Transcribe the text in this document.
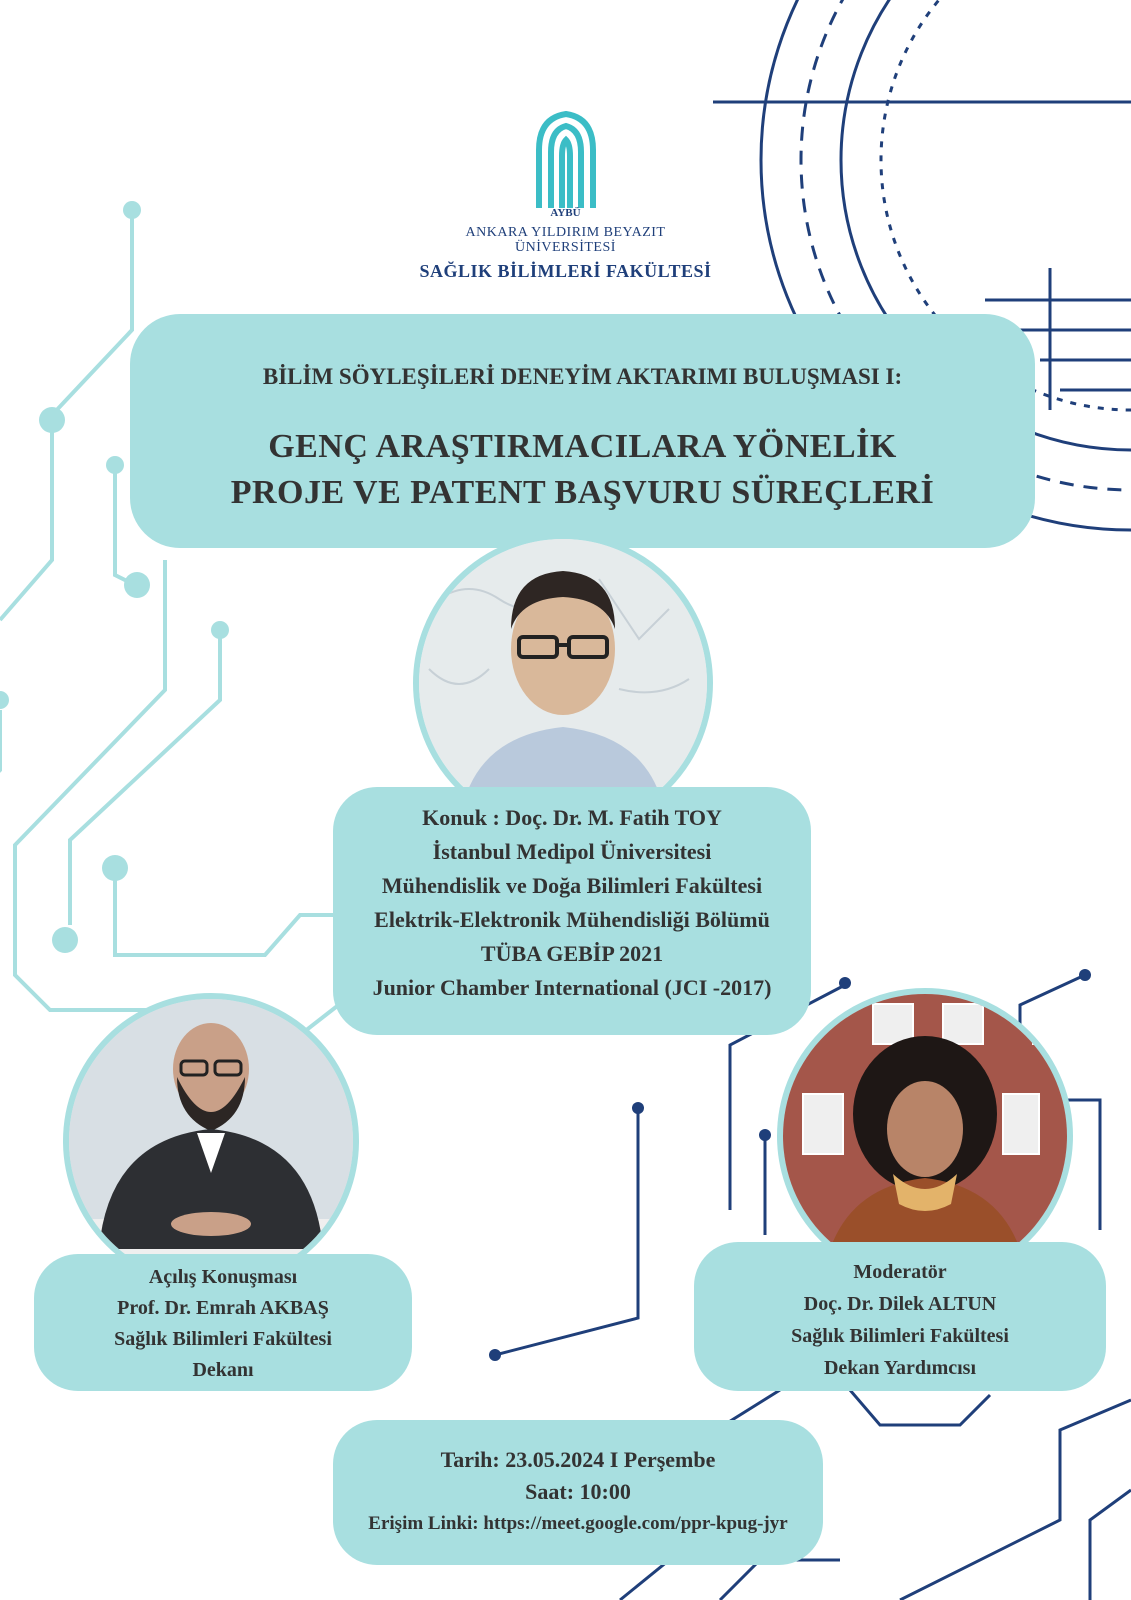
AYBÜ
ANKARA YILDIRIM BEYAZIT
ÜNİVERSİTESİ
SAĞLIK BİLİMLERİ FAKÜLTESİ
BİLİM SÖYLEŞİLERİ DENEYİM AKTARIMI BULUŞMASI I:
GENÇ ARAŞTIRMACILARA YÖNELİK
PROJE VE PATENT BAŞVURU SÜREÇLERİ
Konuk : Doç. Dr. M. Fatih TOY
İstanbul Medipol Üniversitesi
Mühendislik ve Doğa Bilimleri Fakültesi
Elektrik-Elektronik Mühendisliği Bölümü
TÜBA GEBİP 2021
Junior Chamber International (JCI -2017)
Açılış Konuşması
Prof. Dr. Emrah AKBAŞ
Sağlık Bilimleri Fakültesi
Dekanı
Moderatör
Doç. Dr. Dilek ALTUN
Sağlık Bilimleri Fakültesi
Dekan Yardımcısı
Tarih: 23.05.2024 I Perşembe
Saat: 10:00
Erişim Linki: https://meet.google.com/ppr-kpug-jyr
